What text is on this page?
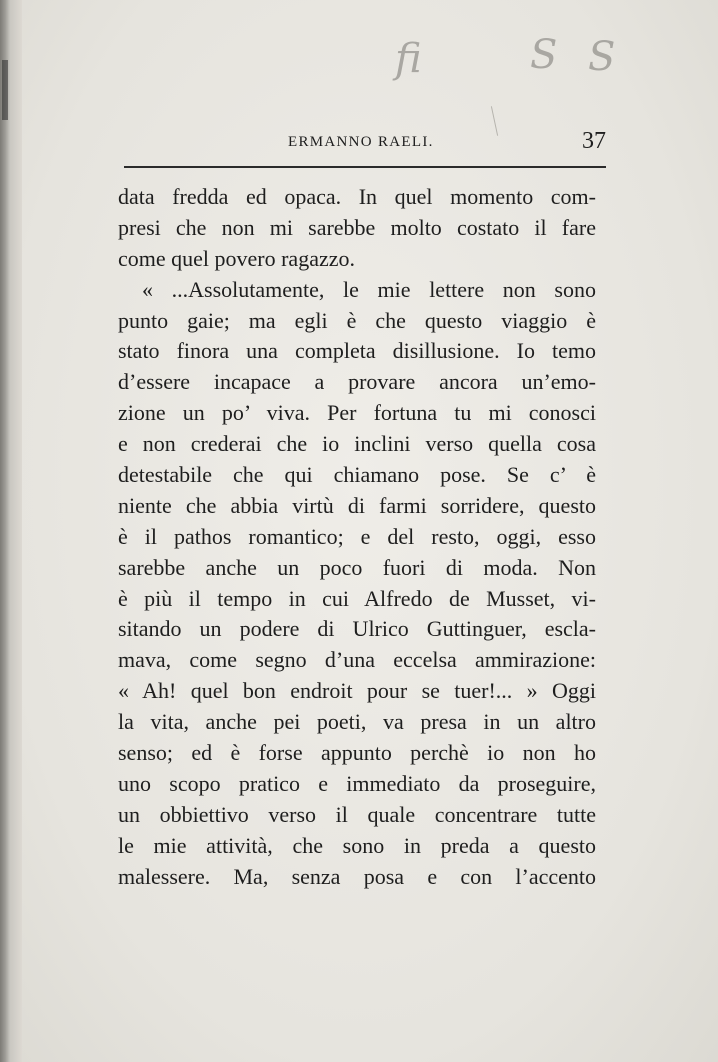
fi	S S
ERMANNO RAELI.	37
data fredda ed opaca. In quel momento com-
presi che non mi sarebbe molto costato il fare
come quel povero ragazzo.
« ...Assolutamente, le mie lettere non sono
punto gaie; ma egli è che questo viaggio è
stato finora una completa disillusione. Io temo
d’essere incapace a provare ancora un’emo-
zione un po’ viva. Per fortuna tu mi conosci
e non crederai che io inclini verso quella cosa
detestabile che qui chiamano pose. Se c’ è
niente che abbia virtù di farmi sorridere, questo
è il pathos romantico; e del resto, oggi, esso
sarebbe anche un poco fuori di moda. Non
è più il tempo in cui Alfredo de Musset, vi-
sitando un podere di Ulrico Guttinguer, escla-
mava, come segno d’una eccelsa ammirazione:
« Ah! quel bon endroit pour se tuer!... » Oggi
la vita, anche pei poeti, va presa in un altro
senso; ed è forse appunto perchè io non ho
uno scopo pratico e immediato da proseguire,
un obbiettivo verso il quale concentrare tutte
le mie attività, che sono in preda a questo
malessere. Ma, senza posa e con l’accento
